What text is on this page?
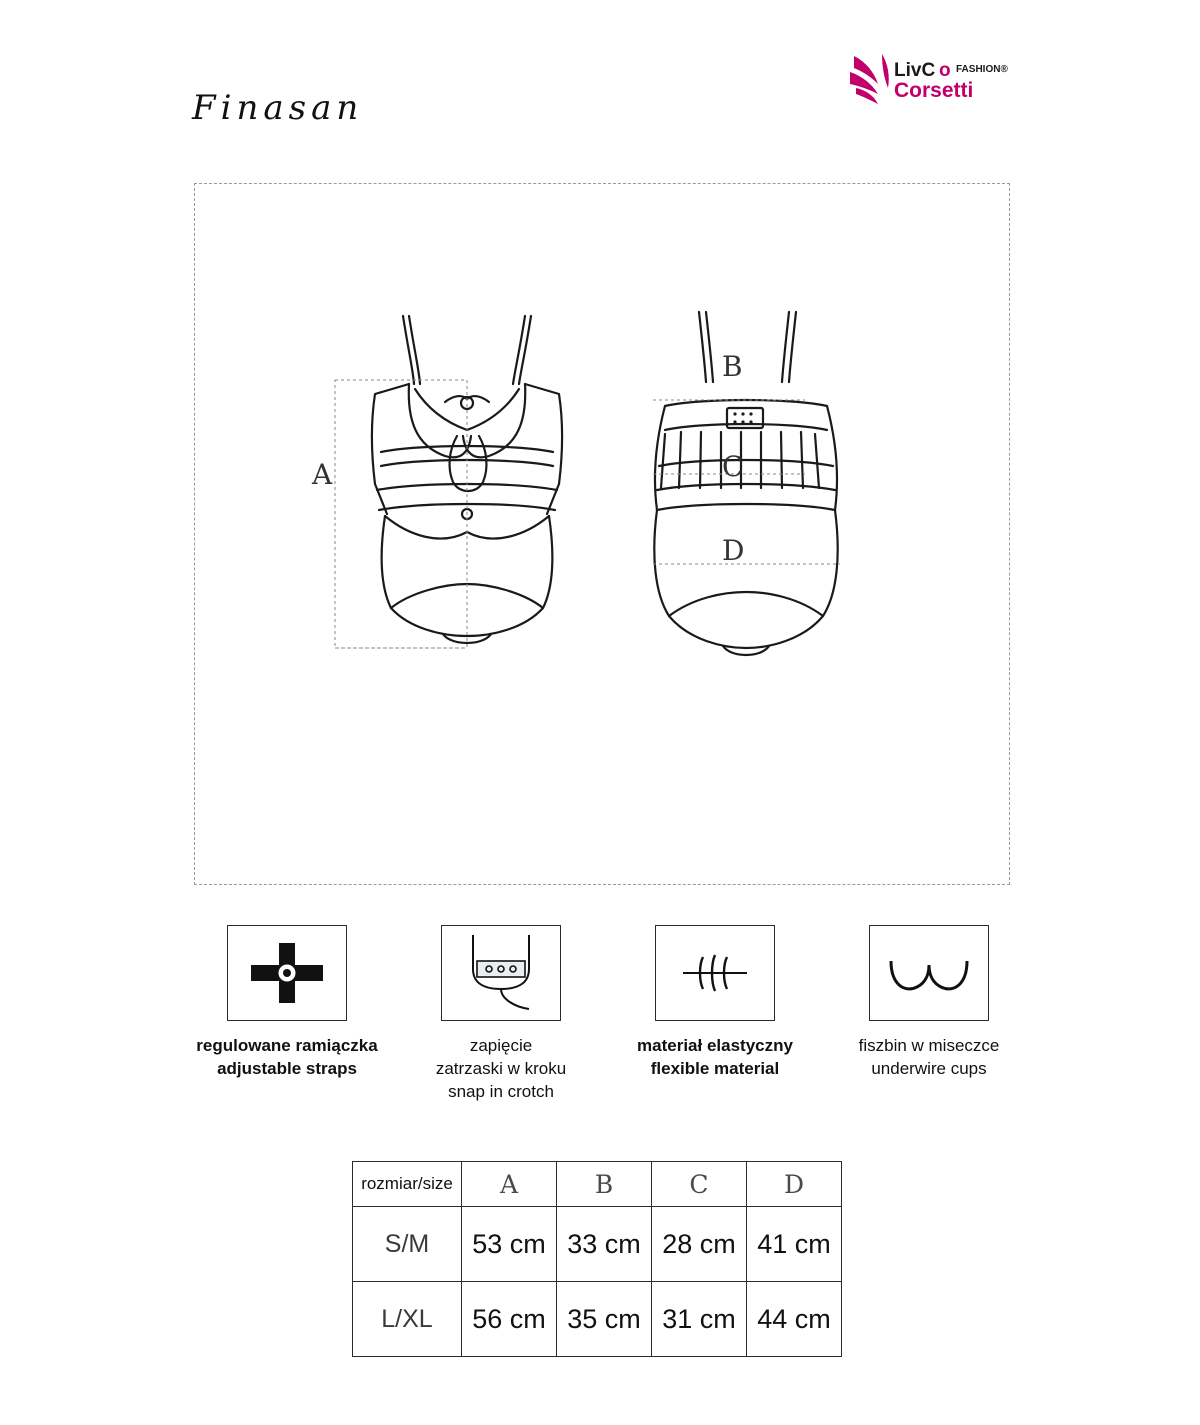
Finasan
LivC o FASHION®
Corsetti
A
B
C
D
regulowane ramiączka
adjustable straps
zapięcie
zatrzaski w kroku
snap in crotch
materiał elastyczny
flexible material
fiszbin w miseczce
underwire cups
rozmiar/size	A	B	C	D
S/M	53 cm	33 cm	28 cm	41 cm
L/XL	56 cm	35 cm	31 cm	44 cm
